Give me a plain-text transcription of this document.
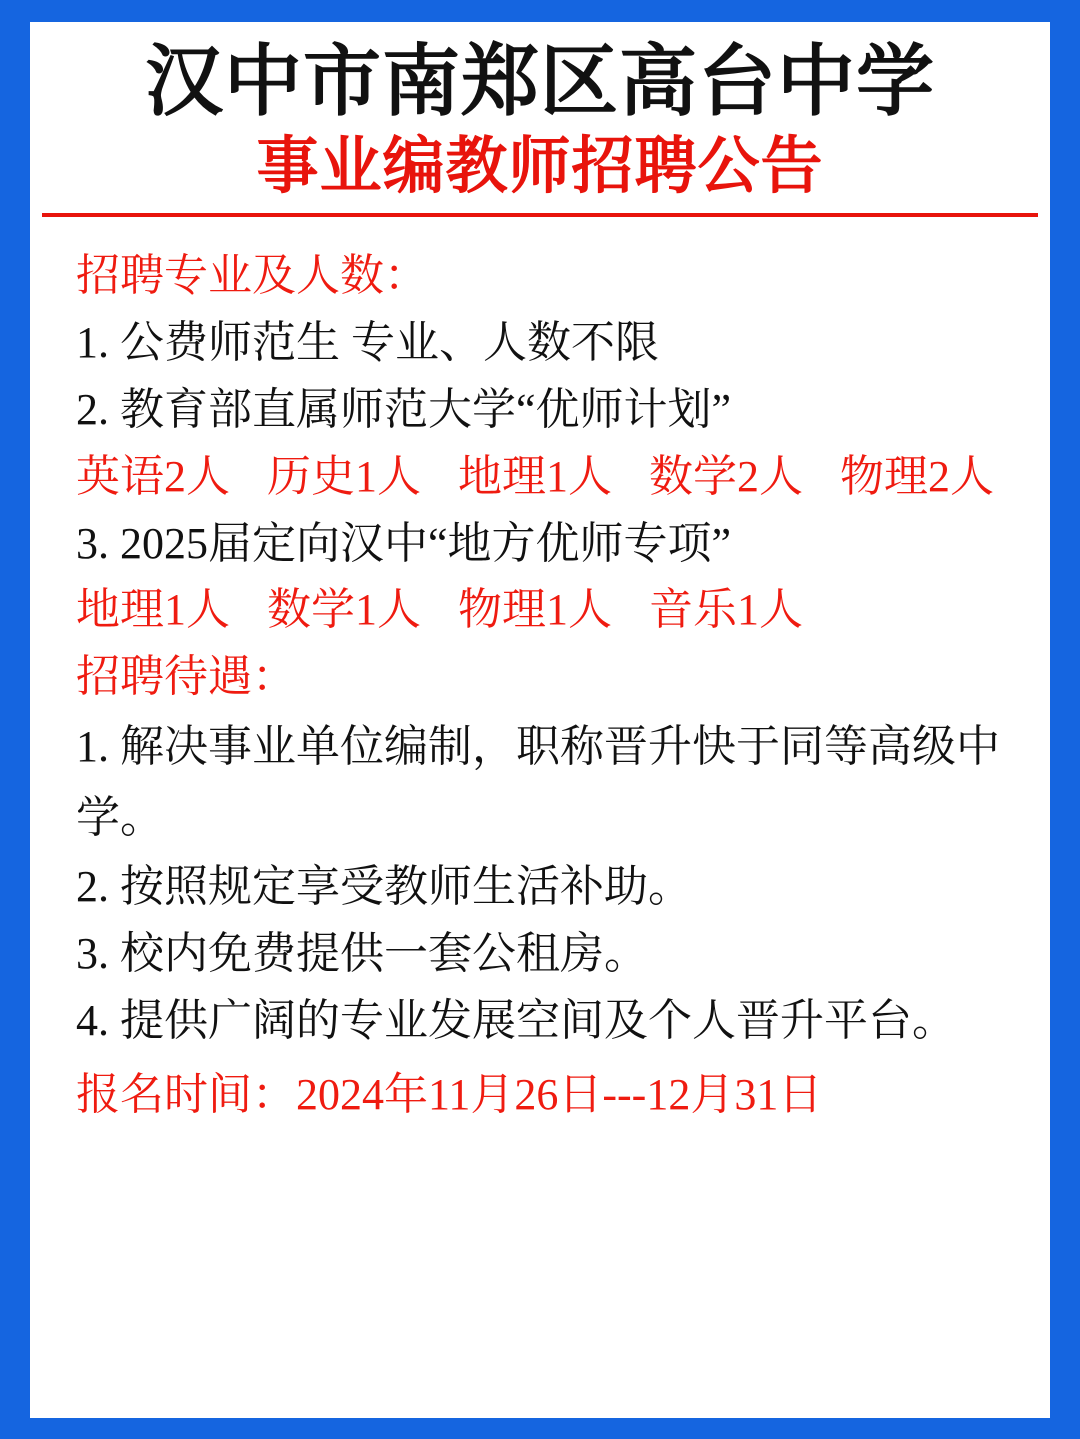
汉中市南郑区高台中学
事业编教师招聘公告
招聘专业及人数：
1. 公费师范生 专业、人数不限
2. 教育部直属师范大学“优师计划”
英语2人 历史1人 地理1人 数学2人 物理2人
3. 2025届定向汉中“地方优师专项”
地理1人 数学1人 物理1人 音乐1人
招聘待遇：
1. 解决事业单位编制，职称晋升快于同等高级中学。
2. 按照规定享受教师生活补助。
3. 校内免费提供一套公租房。
4. 提供广阔的专业发展空间及个人晋升平台。
报名时间：2024年11月26日---12月31日
